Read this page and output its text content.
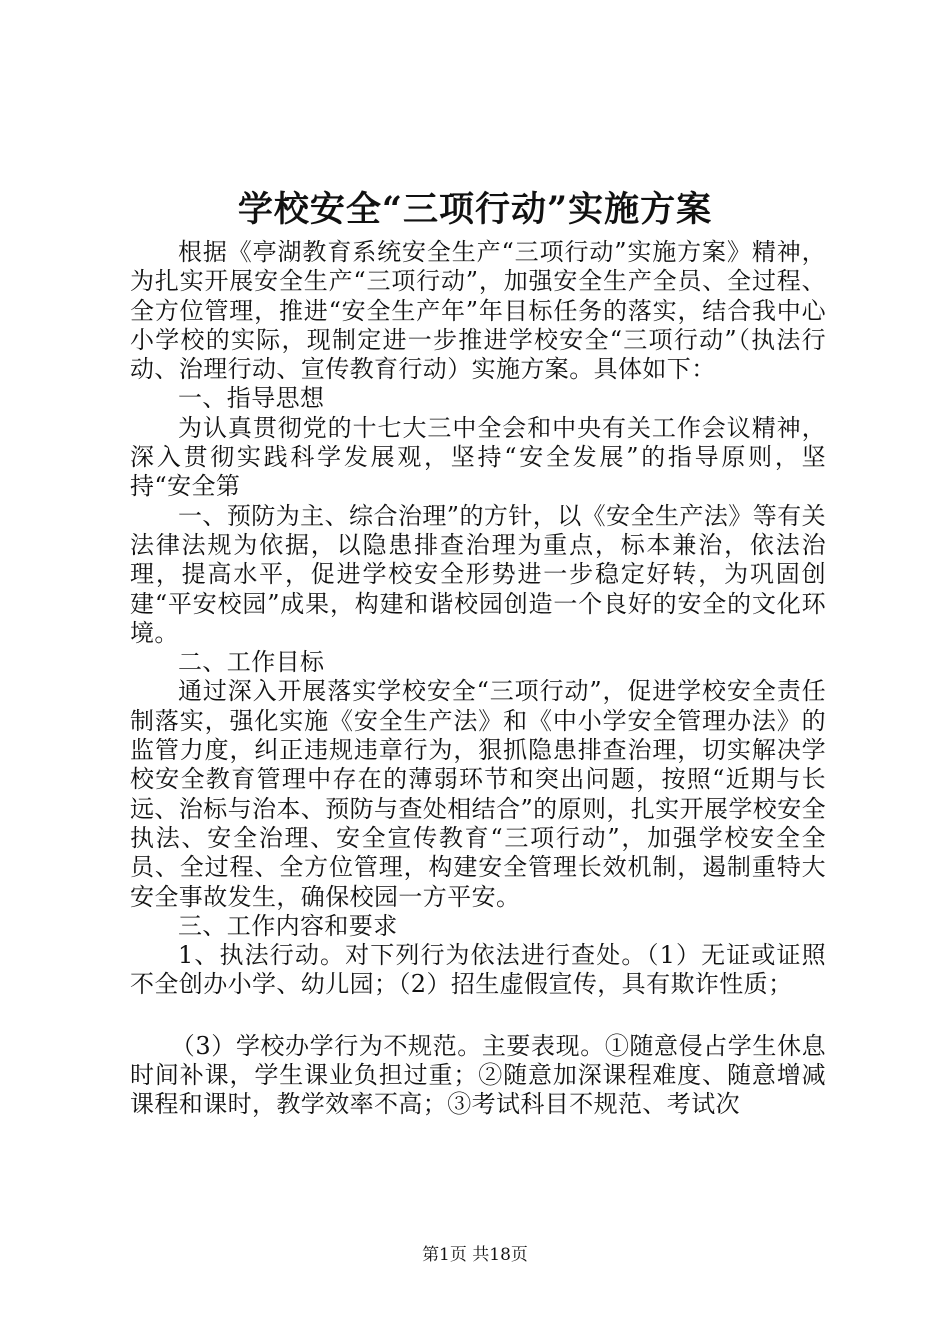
学校安全“三项行动”实施方案

根据《亭湖教育系统安全生产“三项行动”实施方案》精神，为扎实开展安全生产“三项行动”，加强安全生产全员、全过程、全方位管理，推进“安全生产年”年目标任务的落实，结合我中心小学校的实际，现制定进一步推进学校安全“三项行动”（执法行动、治理行动、宣传教育行动）实施方案。具体如下：

一、指导思想

为认真贯彻党的十七大三中全会和中央有关工作会议精神，深入贯彻实践科学发展观，坚持“安全发展”的指导原则，坚持“安全第

一、预防为主、综合治理”的方针，以《安全生产法》等有关法律法规为依据，以隐患排查治理为重点，标本兼治，依法治理，提高水平，促进学校安全形势进一步稳定好转，为巩固创建“平安校园”成果，构建和谐校园创造一个良好的安全的文化环境。

二、工作目标

通过深入开展落实学校安全“三项行动”，促进学校安全责任制落实，强化实施《安全生产法》和《中小学安全管理办法》的监管力度，纠正违规违章行为，狠抓隐患排查治理，切实解决学校安全教育管理中存在的薄弱环节和突出问题，按照“近期与长远、治标与治本、预防与查处相结合”的原则，扎实开展学校安全执法、安全治理、安全宣传教育“三项行动”，加强学校安全全员、全过程、全方位管理，构建安全管理长效机制，遏制重特大安全事故发生，确保校园一方平安。

三、工作内容和要求

1、执法行动。对下列行为依法进行查处。（1）无证或证照不全创办小学、幼儿园；（2）招生虚假宣传，具有欺诈性质；

（3）学校办学行为不规范。主要表现。①随意侵占学生休息时间补课，学生课业负担过重；②随意加深课程难度、随意增减课程和课时，教学效率不高；③考试科目不规范、考试次

第1页 共18页
